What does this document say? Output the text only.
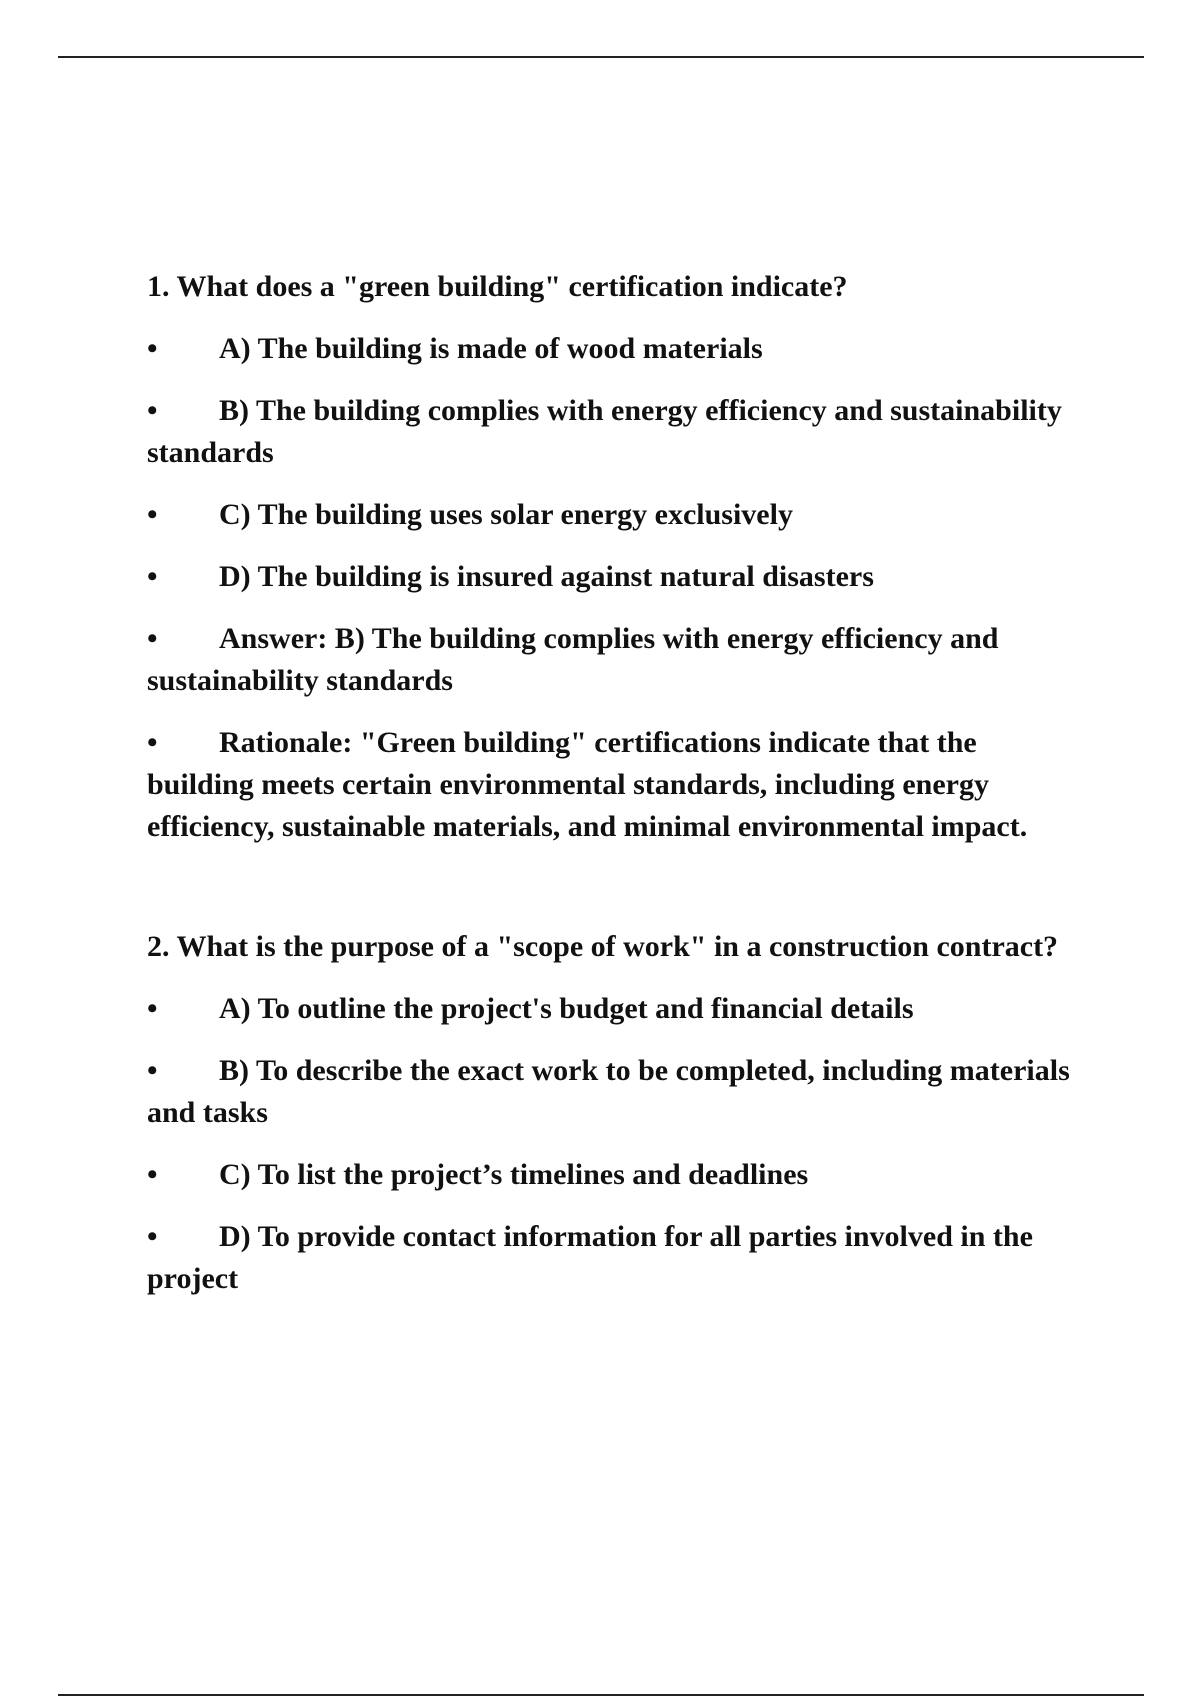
1. What does a "green building" certification indicate?

• A) The building is made of wood materials
• B) The building complies with energy efficiency and sustainability standards
• C) The building uses solar energy exclusively
• D) The building is insured against natural disasters
• Answer: B) The building complies with energy efficiency and sustainability standards
• Rationale: "Green building" certifications indicate that the building meets certain environmental standards, including energy efficiency, sustainable materials, and minimal environmental impact.

2. What is the purpose of a "scope of work" in a construction contract?

• A) To outline the project's budget and financial details
• B) To describe the exact work to be completed, including materials and tasks
• C) To list the project’s timelines and deadlines
• D) To provide contact information for all parties involved in the project
